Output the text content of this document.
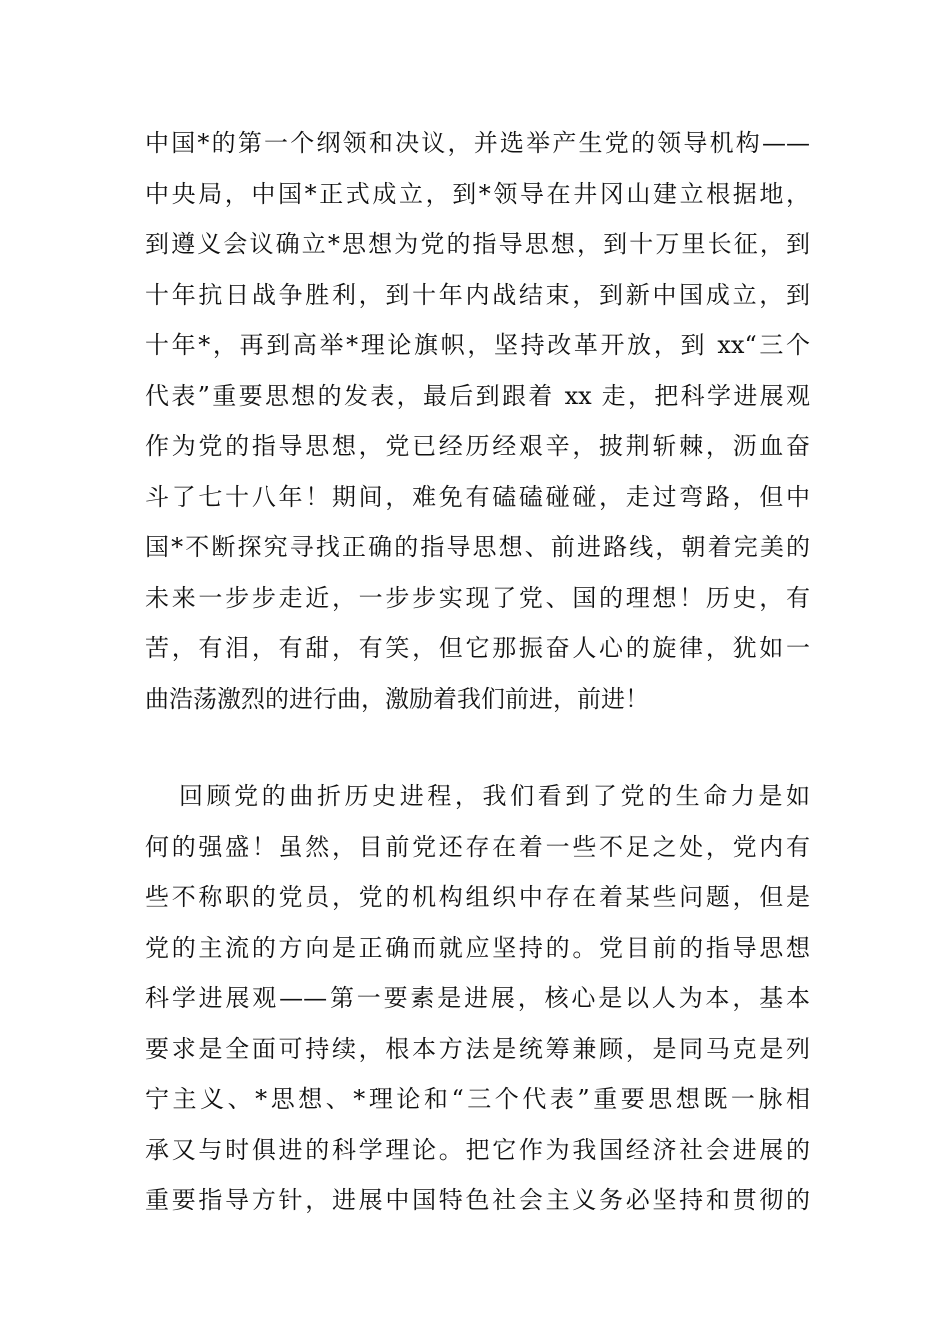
中国*的第一个纲领和决议，并选举产生党的领导机构——
中央局，中国*正式成立，到*领导在井冈山建立根据地，
到遵义会议确立*思想为党的指导思想，到十万里长征，到
十年抗日战争胜利，到十年内战结束，到新中国成立，到
十年*，再到高举*理论旗帜，坚持改革开放，到 xx“三个
代表”重要思想的发表，最后到跟着 xx 走，把科学进展观
作为党的指导思想，党已经历经艰辛，披荆斩棘，沥血奋
斗了七十八年！期间，难免有磕磕碰碰，走过弯路，但中
国*不断探究寻找正确的指导思想、前进路线，朝着完美的
未来一步步走近，一步步实现了党、国的理想！历史，有
苦，有泪，有甜，有笑，但它那振奋人心的旋律，犹如一
曲浩荡激烈的进行曲，激励着我们前进，前进！
回顾党的曲折历史进程，我们看到了党的生命力是如
何的强盛！虽然，目前党还存在着一些不足之处，党内有
些不称职的党员，党的机构组织中存在着某些问题，但是
党的主流的方向是正确而就应坚持的。党目前的指导思想
科学进展观——第一要素是进展，核心是以人为本，基本
要求是全面可持续，根本方法是统筹兼顾，是同马克是列
宁主义、*思想、*理论和“三个代表”重要思想既一脉相
承又与时俱进的科学理论。把它作为我国经济社会进展的
重要指导方针，进展中国特色社会主义务必坚持和贯彻的
